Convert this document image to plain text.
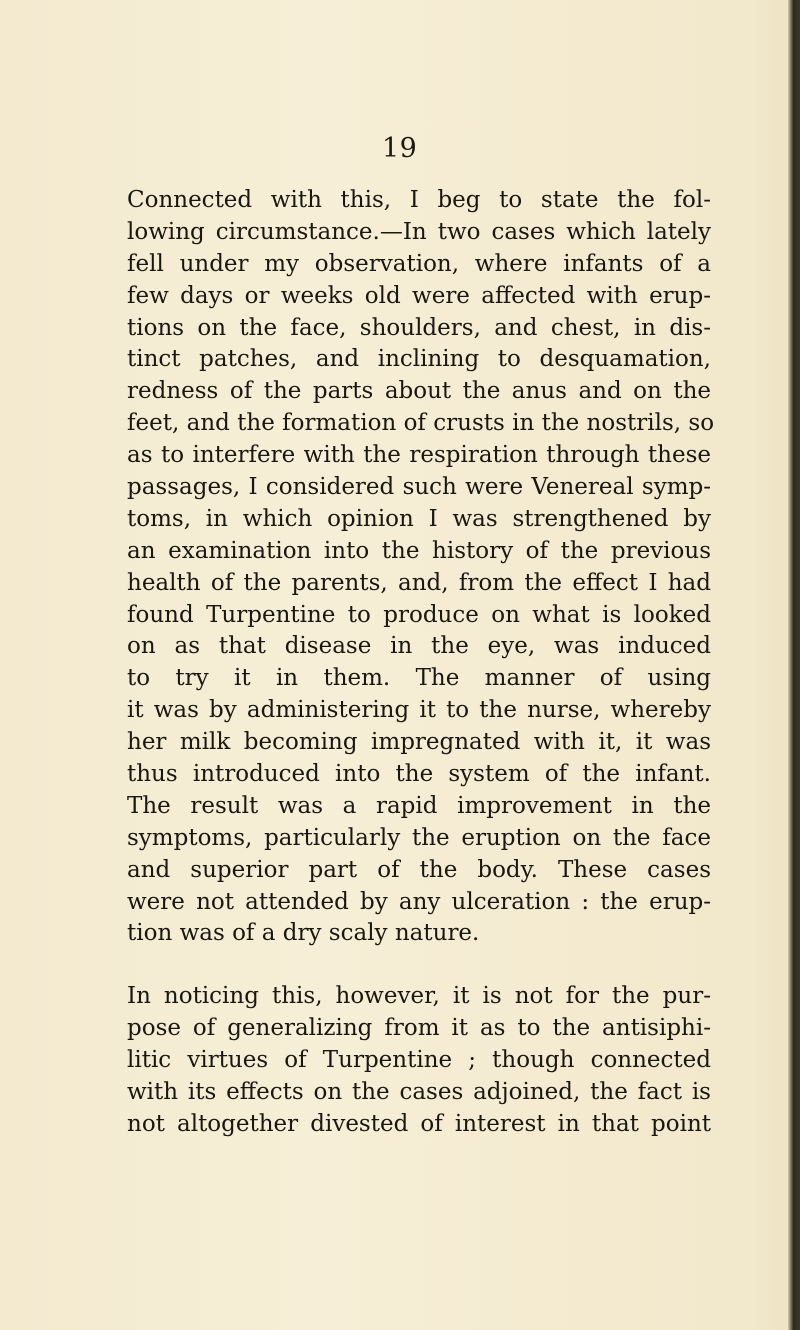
19
Connected with this, I beg to state the fol-
lowing circumstance.—In two cases which lately
fell under my observation, where infants of a
few days or weeks old were affected with erup-
tions on the face, shoulders, and chest, in dis-
tinct patches, and inclining to desquamation,
redness of the parts about the anus and on the
feet, and the formation of crusts in the nostrils, so
as to interfere with the respiration through these
passages, I considered such were Venereal symp-
toms, in which opinion I was strengthened by
an examination into the history of the previous
health of the parents, and, from the effect I had
found Turpentine to produce on what is looked
on as that disease in the eye, was induced
to try it in them. The manner of using
it was by administering it to the nurse, whereby
her milk becoming impregnated with it, it was
thus introduced into the system of the infant.
The result was a rapid improvement in the
symptoms, particularly the eruption on the face
and superior part of the body. These cases
were not attended by any ulceration : the erup-
tion was of a dry scaly nature.
In noticing this, however, it is not for the pur-
pose of generalizing from it as to the antisiphi-
litic virtues of Turpentine ; though connected
with its effects on the cases adjoined, the fact is
not altogether divested of interest in that point
